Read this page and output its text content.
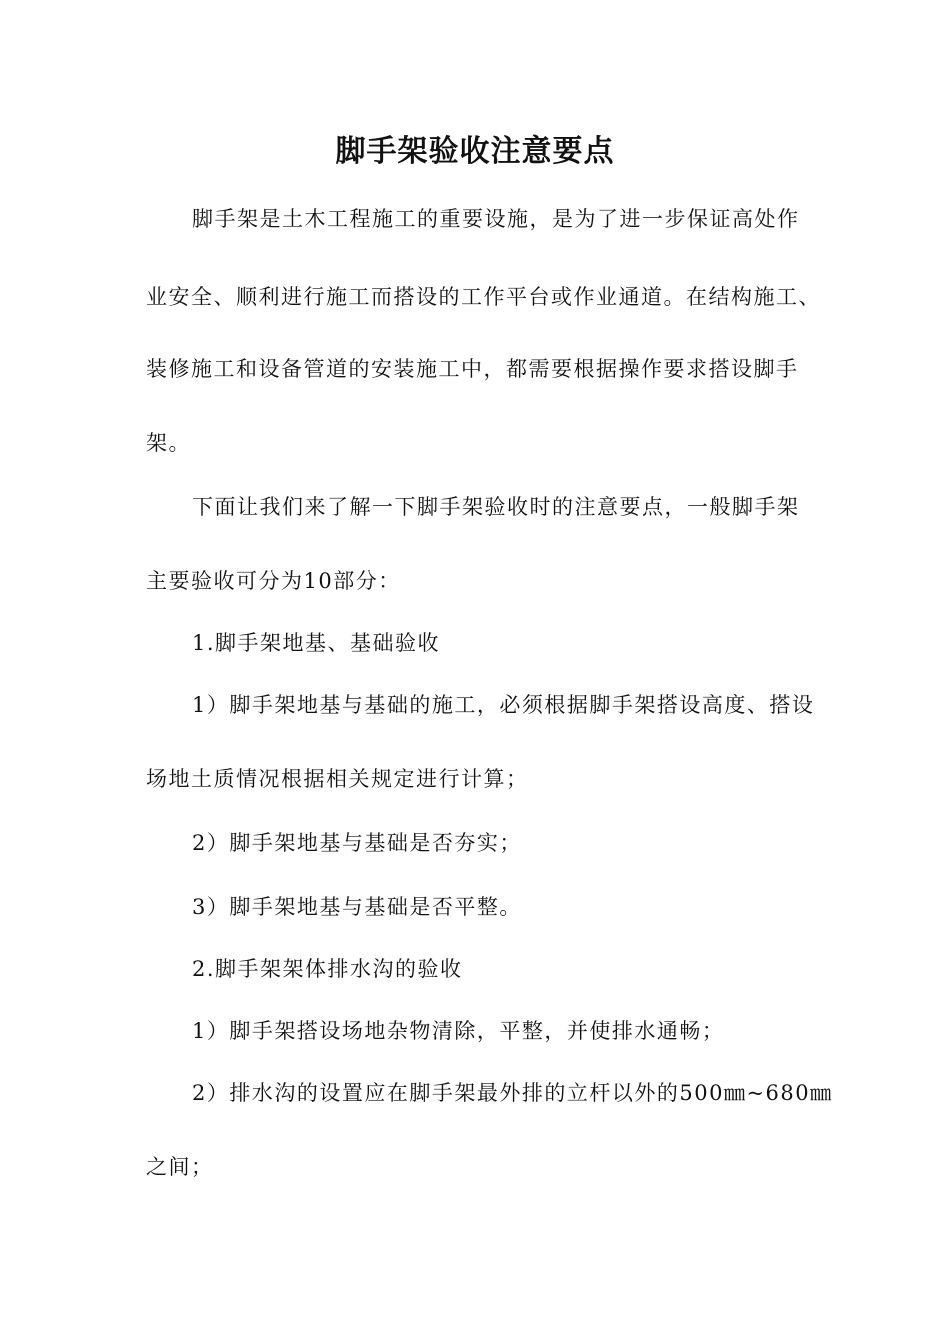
脚手架验收注意要点
脚手架是土木工程施工的重要设施，是为了进一步保证高处作
业安全、顺利进行施工而搭设的工作平台或作业通道。在结构施工、
装修施工和设备管道的安装施工中，都需要根据操作要求搭设脚手
架。
下面让我们来了解一下脚手架验收时的注意要点，一般脚手架
主要验收可分为10部分：
1.脚手架地基、基础验收
1）脚手架地基与基础的施工，必须根据脚手架搭设高度、搭设
场地土质情况根据相关规定进行计算；
2）脚手架地基与基础是否夯实；
3）脚手架地基与基础是否平整。
2.脚手架架体排水沟的验收
1）脚手架搭设场地杂物清除，平整，并使排水通畅；
2）排水沟的设置应在脚手架最外排的立杆以外的500㎜~680㎜
之间；
